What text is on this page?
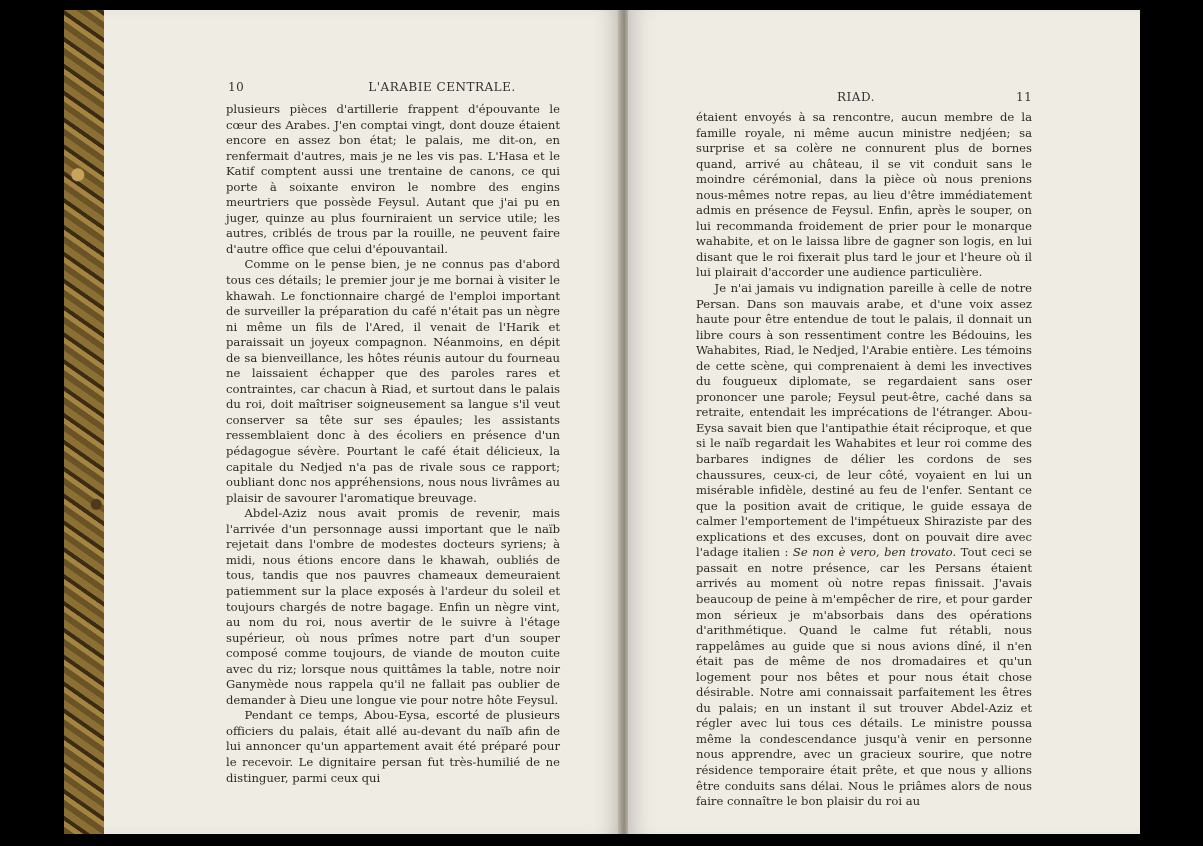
10	L'ARABIE CENTRALE.

plusieurs pièces d'artillerie frappent d'épouvante le cœur des Arabes. J'en comptai vingt, dont douze étaient encore en assez bon état; le palais, me dit-on, en renfermait d'autres, mais je ne les vis pas. L'Hasa et le Katif comptent aussi une trentaine de canons, ce qui porte à soixante environ le nombre des engins meurtriers que possède Feysul. Autant que j'ai pu en juger, quinze au plus fourniraient un service utile; les autres, criblés de trous par la rouille, ne peuvent faire d'autre office que celui d'épouvantail.

Comme on le pense bien, je ne connus pas d'abord tous ces détails; le premier jour je me bornai à visiter le khawah. Le fonctionnaire chargé de l'emploi important de surveiller la préparation du café n'était pas un nègre ni même un fils de l'Ared, il venait de l'Harik et paraissait un joyeux compagnon. Néanmoins, en dépit de sa bienveillance, les hôtes réunis autour du fourneau ne laissaient échapper que des paroles rares et contraintes, car chacun à Riad, et surtout dans le palais du roi, doit maîtriser soigneusement sa langue s'il veut conserver sa tête sur ses épaules; les assistants ressemblaient donc à des écoliers en présence d'un pédagogue sévère. Pourtant le café était délicieux, la capitale du Nedjed n'a pas de rivale sous ce rapport; oubliant donc nos appréhensions, nous nous livrâmes au plaisir de savourer l'aromatique breuvage.

Abdel-Aziz nous avait promis de revenir, mais l'arrivée d'un personnage aussi important que le naïb rejetait dans l'ombre de modestes docteurs syriens; à midi, nous étions encore dans le khawah, oubliés de tous, tandis que nos pauvres chameaux demeuraient patiemment sur la place exposés à l'ardeur du soleil et toujours chargés de notre bagage. Enfin un nègre vint, au nom du roi, nous avertir de le suivre à l'étage supérieur, où nous prîmes notre part d'un souper composé comme toujours, de viande de mouton cuite avec du riz; lorsque nous quittâmes la table, notre noir Ganymède nous rappela qu'il ne fallait pas oublier de demander à Dieu une longue vie pour notre hôte Feysul.

Pendant ce temps, Abou-Eysa, escorté de plusieurs officiers du palais, était allé au-devant du naïb afin de lui annoncer qu'un appartement avait été préparé pour le recevoir. Le dignitaire persan fut très-humilié de ne distinguer, parmi ceux qui

RIAD.	11

étaient envoyés à sa rencontre, aucun membre de la famille royale, ni même aucun ministre nedjéen; sa surprise et sa colère ne connurent plus de bornes quand, arrivé au château, il se vit conduit sans le moindre cérémonial, dans la pièce où nous prenions nous-mêmes notre repas, au lieu d'être immédiatement admis en présence de Feysul. Enfin, après le souper, on lui recommanda froidement de prier pour le monarque wahabite, et on le laissa libre de gagner son logis, en lui disant que le roi fixerait plus tard le jour et l'heure où il lui plairait d'accorder une audience particulière.

Je n'ai jamais vu indignation pareille à celle de notre Persan. Dans son mauvais arabe, et d'une voix assez haute pour être entendue de tout le palais, il donnait un libre cours à son ressentiment contre les Bédouins, les Wahabites, Riad, le Nedjed, l'Arabie entière. Les témoins de cette scène, qui comprenaient à demi les invectives du fougueux diplomate, se regardaient sans oser prononcer une parole; Feysul peut-être, caché dans sa retraite, entendait les imprécations de l'étranger. Abou-Eysa savait bien que l'antipathie était réciproque, et que si le naïb regardait les Wahabites et leur roi comme des barbares indignes de délier les cordons de ses chaussures, ceux-ci, de leur côté, voyaient en lui un misérable infidèle, destiné au feu de l'enfer. Sentant ce que la position avait de critique, le guide essaya de calmer l'emportement de l'impétueux Shiraziste par des explications et des excuses, dont on pouvait dire avec l'adage italien : Se non è vero, ben trovato. Tout ceci se passait en notre présence, car les Persans étaient arrivés au moment où notre repas finissait. J'avais beaucoup de peine à m'empêcher de rire, et pour garder mon sérieux je m'absorbais dans des opérations d'arithmétique. Quand le calme fut rétabli, nous rappelâmes au guide que si nous avions dîné, il n'en était pas de même de nos dromadaires et qu'un logement pour nos bêtes et pour nous était chose désirable. Notre ami connaissait parfaitement les êtres du palais; en un instant il sut trouver Abdel-Aziz et régler avec lui tous ces détails. Le ministre poussa même la condescendance jusqu'à venir en personne nous apprendre, avec un gracieux sourire, que notre résidence temporaire était prête, et que nous y allions être conduits sans délai. Nous le priâmes alors de nous faire connaître le bon plaisir du roi au
